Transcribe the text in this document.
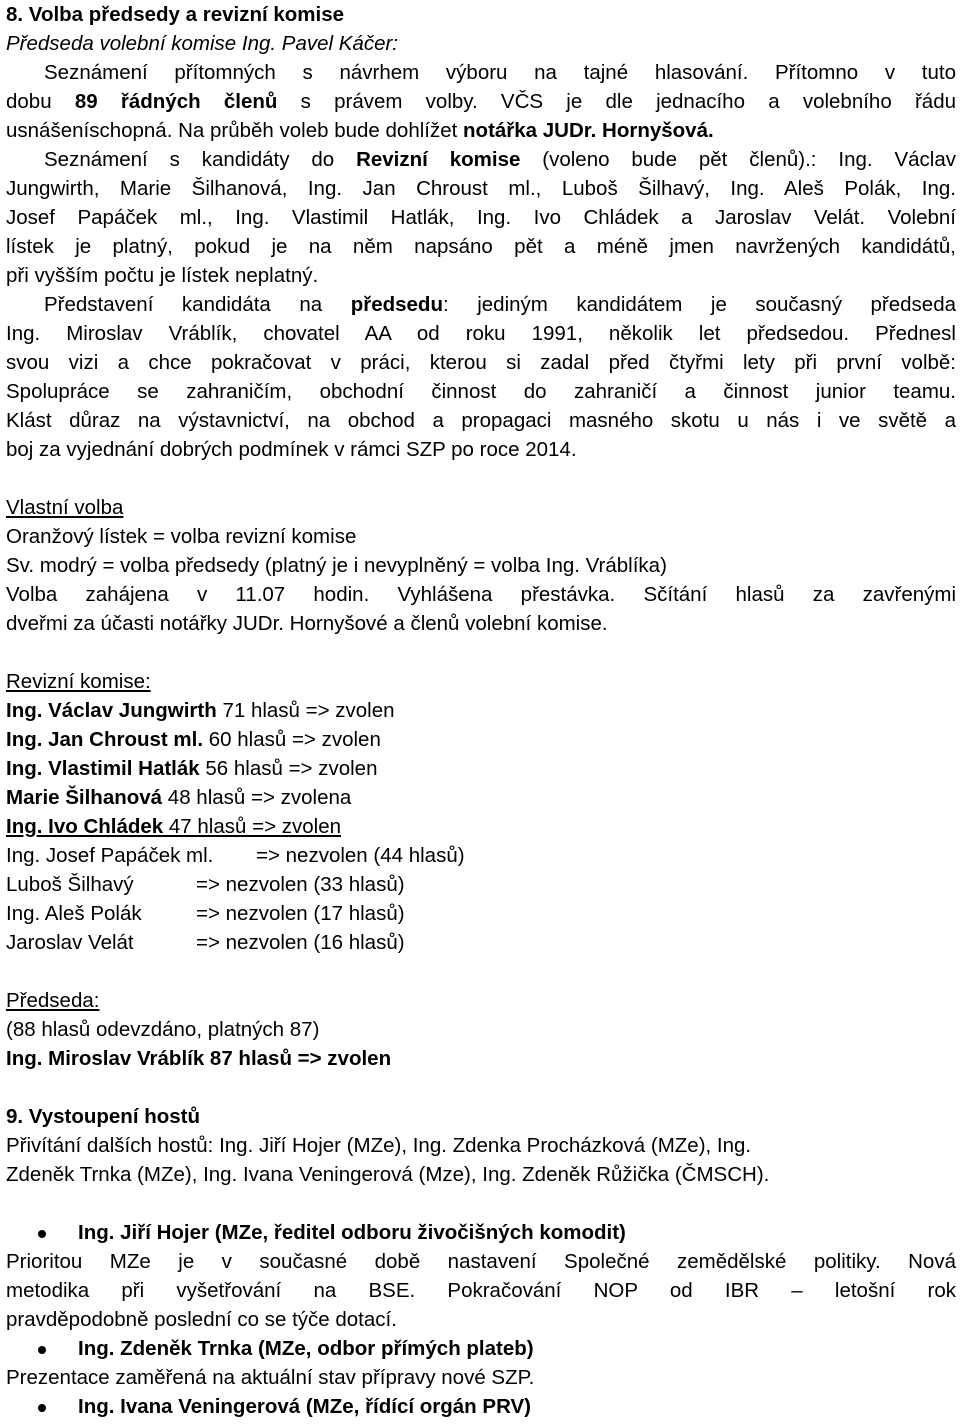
8. Volba předsedy a revizní komise
Předseda volební komise Ing. Pavel Káčer:
Seznámení přítomných s návrhem výboru na tajné hlasování. Přítomno v tuto
dobu 89 řádných členů s právem volby. VČS je dle jednacího a volebního řádu
usnášeníschopná. Na průběh voleb bude dohlížet notářka JUDr. Hornyšová.
Seznámení s kandidáty do Revizní komise (voleno bude pět členů).: Ing. Václav
Jungwirth, Marie Šilhanová, Ing. Jan Chroust ml., Luboš Šilhavý, Ing. Aleš Polák, Ing.
Josef Papáček ml., Ing. Vlastimil Hatlák, Ing. Ivo Chládek a Jaroslav Velát. Volební
lístek je platný, pokud je na něm napsáno pět a méně jmen navržených kandidátů,
při vyšším počtu je lístek neplatný.
Představení kandidáta na předsedu: jediným kandidátem je současný předseda
Ing. Miroslav Vráblík, chovatel AA od roku 1991, několik let předsedou. Přednesl
svou vizi a chce pokračovat v práci, kterou si zadal před čtyřmi lety při první volbě:
Spolupráce se zahraničím, obchodní činnost do zahraničí a činnost junior teamu.
Klást důraz na výstavnictví, na obchod a propagaci masného skotu u nás i ve světě a
boj za vyjednání dobrých podmínek v rámci SZP po roce 2014.
Vlastní volba
Oranžový lístek = volba revizní komise
Sv. modrý = volba předsedy (platný je i nevyplněný = volba Ing. Vráblíka)
Volba zahájena v 11.07 hodin. Vyhlášena přestávka. Sčítání hlasů za zavřenými
dveřmi za účasti notářky JUDr. Hornyšové a členů volební komise.
Revizní komise:
Ing. Václav Jungwirth 71 hlasů => zvolen
Ing. Jan Chroust ml. 60 hlasů => zvolen
Ing. Vlastimil Hatlák 56 hlasů => zvolen
Marie Šilhanová 48 hlasů => zvolena
Ing. Ivo Chládek 47 hlasů => zvolen
Ing. Josef Papáček ml. => nezvolen (44 hlasů)
Luboš Šilhavý	=> nezvolen (33 hlasů)
Ing. Aleš Polák	=> nezvolen (17 hlasů)
Jaroslav Velát	=> nezvolen (16 hlasů)
Předseda:
(88 hlasů odevzdáno, platných 87)
Ing. Miroslav Vráblík 87 hlasů => zvolen
9. Vystoupení hostů
Přivítání dalších hostů: Ing. Jiří Hojer (MZe), Ing. Zdenka Procházková (MZe), Ing.
Zdeněk Trnka (MZe), Ing. Ivana Veningerová (Mze), Ing. Zdeněk Růžička (ČMSCH).
Ing. Jiří Hojer (MZe, ředitel odboru živočišných komodit)
Prioritou MZe je v současné době nastavení Společné zemědělské politiky. Nová
metodika při vyšetřování na BSE. Pokračování NOP od IBR – letošní rok
pravděpodobně poslední co se týče dotací.
Ing. Zdeněk Trnka (MZe, odbor přímých plateb)
Prezentace zaměřená na aktuální stav přípravy nové SZP.
Ing. Ivana Veningerová (MZe, řídící orgán PRV)
